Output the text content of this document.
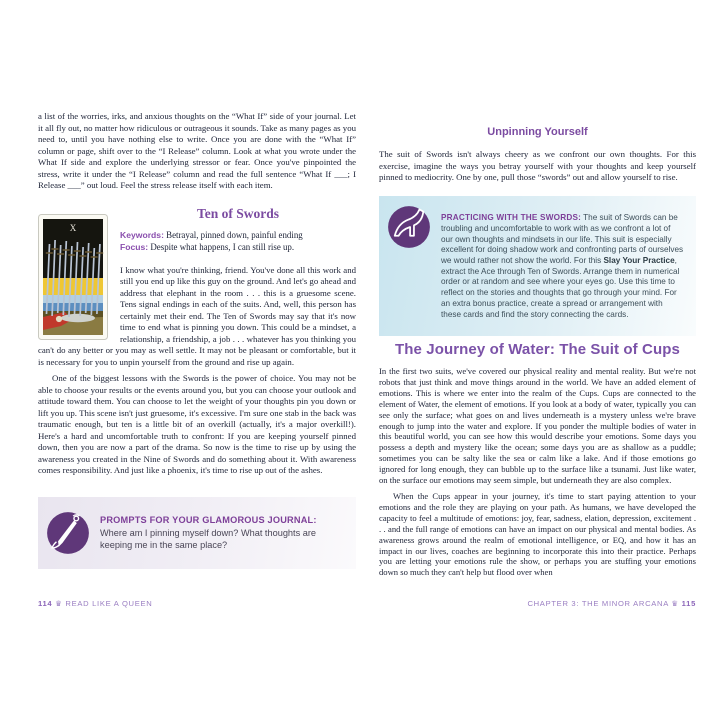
a list of the worries, irks, and anxious thoughts on the “What If” side of your journal. Let it all fly out, no matter how ridiculous or outrageous it sounds. Take as many pages as you need to, until you have nothing else to write. Once you are done with the “What If” column or page, shift over to the “I Release” column. Look at what you wrote under the What If side and explore the underlying stressor or fear. Once you've pinpointed the stress, write it under the “I Release” column and read the full sentence “What If ___; I Release ___” out loud. Feel the stress release itself with each item.

X
Ten of Swords

Keywords: Betrayal, pinned down, painful ending

Focus: Despite what happens, I can still rise up.

I know what you're thinking, friend. You've done all this work and still you end up like this guy on the ground. And let's go ahead and address that elephant in the room . . . this is a gruesome scene. Tens signal endings in each of the suits. And, well, this person has certainly met their end. The Ten of Swords may say that it's now time to end what is pinning you down. This could be a mindset, a relationship, a friendship, a job . . . whatever has you thinking you can't do any better or you may as well settle. It may not be pleasant or comfortable, but it is necessary for you to unpin yourself from the ground and rise up again.

One of the biggest lessons with the Swords is the power of choice. You may not be able to choose your results or the events around you, but you can choose your outlook and attitude toward them. You can choose to let the weight of your thoughts pin you down or lift you up. This scene isn't just gruesome, it's excessive. I'm sure one stab in the back was traumatic enough, but ten is a little bit of an overkill (actually, it's a major overkill!). Here's a hard and uncomfortable truth to confront: If you are keeping yourself pinned down, then you are now a part of the drama. So now is the time to rise up by using the awareness you created in the Nine of Swords and do something about it. With awareness comes responsibility. And just like a phoenix, it's time to rise up out of the ashes.

PROMPTS FOR YOUR GLAMOROUS JOURNAL: Where am I pinning myself down? What thoughts are keeping me in the same place?

114 ♛ READ LIKE A QUEEN
Unpinning Yourself

The suit of Swords isn't always cheery as we confront our own thoughts. For this exercise, imagine the ways you betray yourself with your thoughts and keep yourself pinned to mediocrity. One by one, pull those “swords” out and allow yourself to rise.

PRACTICING WITH THE SWORDS: The suit of Swords can be troubling and uncomfortable to work with as we confront a lot of our own thoughts and mindsets in our life. This suit is especially excellent for doing shadow work and confronting parts of ourselves we would rather not show the world. For this Slay Your Practice, extract the Ace through Ten of Swords. Arrange them in numerical order or at random and see where your eyes go. Use this time to reflect on the stories and thoughts that go through your mind. For an extra bonus practice, create a spread or arrangement with these cards and find the story connecting the cards.

The Journey of Water: The Suit of Cups

In the first two suits, we've covered our physical reality and mental reality. But we're not robots that just think and move things around in the world. We have an added element of emotions. This is where we enter into the realm of the Cups. Cups are connected to the element of Water, the element of emotions. If you look at a body of water, typically you can see only the surface; what goes on and lives underneath is a mystery unless we're brave enough to jump into the water and explore. If you ponder the multiple bodies of water in this beautiful world, you can see how this would describe your emotions. Some days you possess a depth and mystery like the ocean; some days you are as shallow as a puddle; sometimes you can be salty like the sea or calm like a lake. And if those emotions go ignored for long enough, they can bubble up to the surface like a tsunami. Just like water, on the surface our emotions may seem simple, but underneath they are also complex.

When the Cups appear in your journey, it's time to start paying attention to your emotions and the role they are playing on your path. As humans, we have developed the capacity to feel a multitude of emotions: joy, fear, sadness, elation, depression, excitement . . . and the full range of emotions can have an impact on our physical and mental bodies. As awareness grows around the realm of emotional intelligence, or EQ, and how it has an impact in our lives, coaches are beginning to incorporate this into their practice. Perhaps you are letting your emotions rule the show, or perhaps you are stuffing your emotions down so much they can't help but flood over when

CHAPTER 3: THE MINOR ARCANA ♛ 115
